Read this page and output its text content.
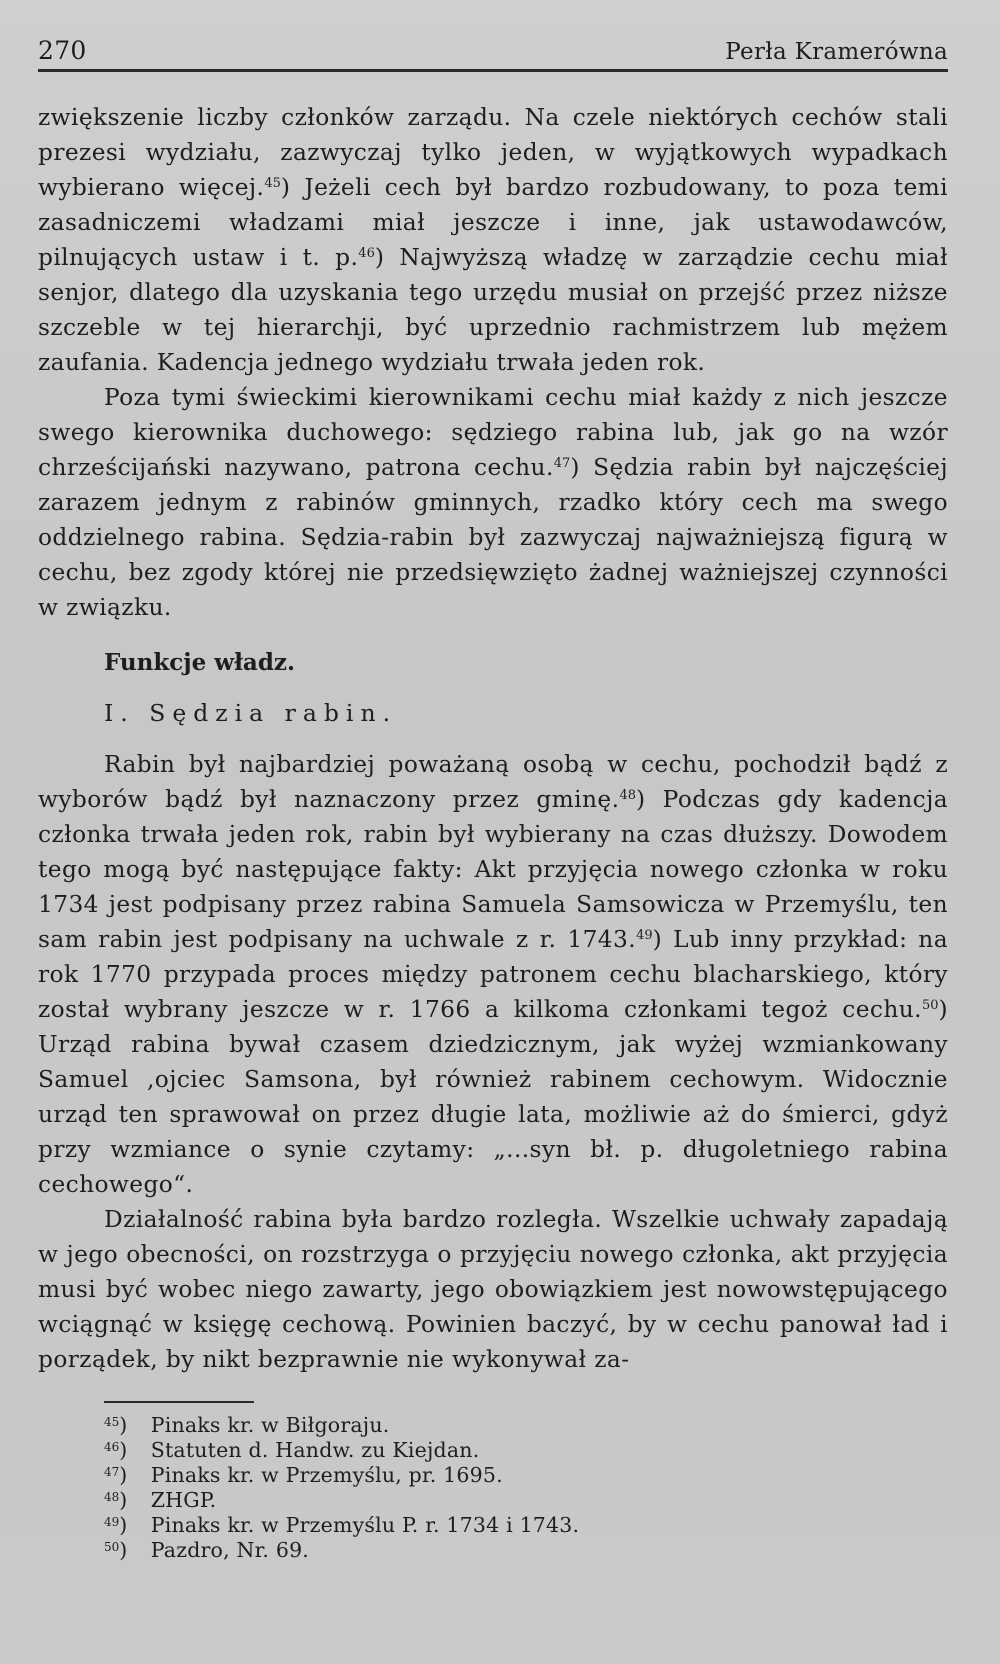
270	Perła Kramerówna

zwiększenie liczby członków zarządu. Na czele niektórych cechów stali prezesi wydziału, zazwyczaj tylko jeden, w wyjątkowych wypadkach wybierano więcej.$^{45}$) Jeżeli cech był bardzo rozbudowany, to poza temi zasadniczemi władzami miał jeszcze i inne, jak ustawodawców, pilnujących ustaw i t. p.$^{46}$) Najwyższą władzę w zarządzie cechu miał senjor, dlatego dla uzyskania tego urzędu musiał on przejść przez niższe szczeble w tej hierarchji, być uprzednio rachmistrzem lub mężem zaufania. Kadencja jednego wydziału trwała jeden rok.

Poza tymi świeckimi kierownikami cechu miał każdy z nich jeszcze swego kierownika duchowego: sędziego rabina lub, jak go na wzór chrześcijański nazywano, patrona cechu.$^{47}$) Sędzia rabin był najczęściej zarazem jednym z rabinów gminnych, rzadko który cech ma swego oddzielnego rabina. Sędzia-rabin był zazwyczaj najważniejszą figurą w cechu, bez zgody której nie przedsięwzięto żadnej ważniejszej czynności w związku.

Funkcje władz.
I. Sędzia rabin.

Rabin był najbardziej poważaną osobą w cechu, pochodził bądź z wyborów bądź był naznaczony przez gminę.$^{48}$) Podczas gdy kadencja członka trwała jeden rok, rabin był wybierany na czas dłuższy. Dowodem tego mogą być następujące fakty: Akt przyjęcia nowego członka w roku 1734 jest podpisany przez rabina Samuela Samsowicza w Przemyślu, ten sam rabin jest podpisany na uchwale z r. 1743.49) Lub inny przykład: na rok 1770 przypada proces między patronem cechu blacharskiego, który został wybrany jeszcze w r. 1766 a kilkoma członkami tegoż cechu.$^{50}$) Urząd rabina bywał czasem dziedzicznym, jak wyżej wzmiankowany Samuel ,ojciec Samsona, był również rabinem cechowym. Widocznie urząd ten sprawował on przez długie lata, możliwie aż do śmierci, gdyż przy wzmiance o synie czytamy: „...syn bł. p. długoletniego rabina cechowego“.

Działalność rabina była bardzo rozległa. Wszelkie uchwały zapadają w jego obecności, on rozstrzyga o przyjęciu nowego członka, akt przyjęcia musi być wobec niego zawarty, jego obowiązkiem jest nowowstępującego wciągnąć w księgę cechową. Powinien baczyć, by w cechu panował ład i porządek, by nikt bezprawnie nie wykonywał za-

$^{45}$) Pinaks kr. w Biłgoraju.
$^{46}$) Statuten d. Handw. zu Kiejdan.
$^{47}$) Pinaks kr. w Przemyślu, pr. 1695.
$^{48}$) ZHGP.
$^{49}$) Pinaks kr. w Przemyślu P. r. 1734 i 1743.
$^{50}$) Pazdro, Nr. 69.
